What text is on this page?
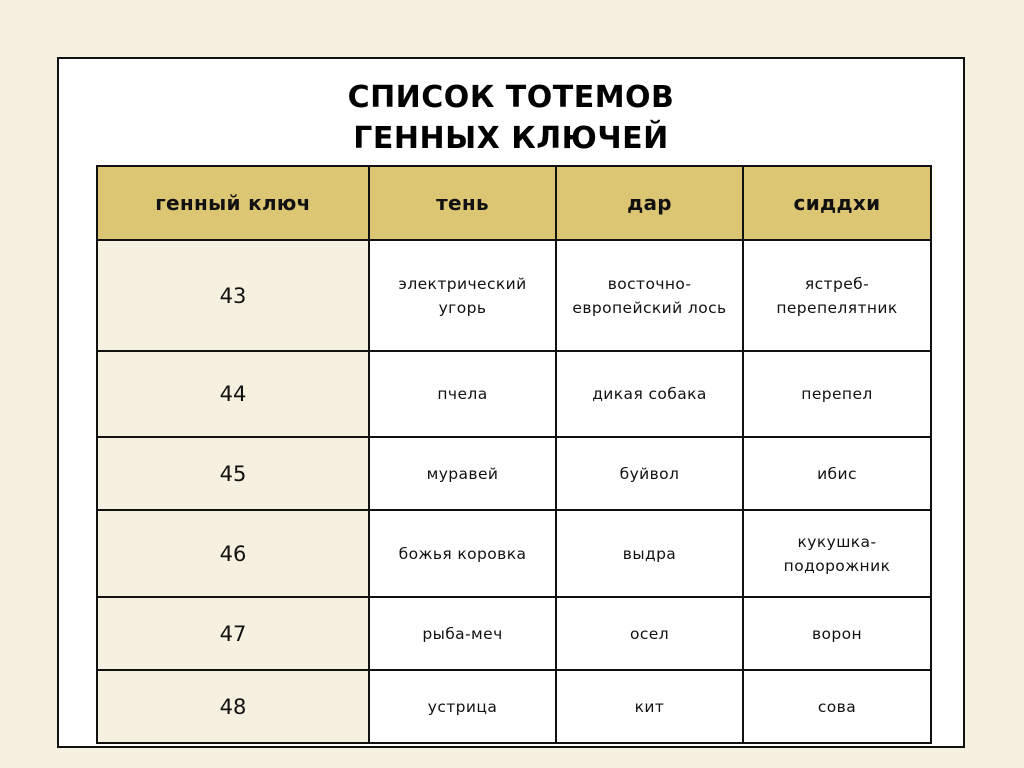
СПИСОК ТОТЕМОВ
ГЕННЫХ КЛЮЧЕЙ
генный ключ	тень	дар	сиддхи
43	электрический угорь	восточно-европейский лось	ястреб-перепелятник
44	пчела	дикая собака	перепел
45	муравей	буйвол	ибис
46	божья коровка	выдра	кукушка-подорожник
47	рыба-меч	осел	ворон
48	устрица	кит	сова
